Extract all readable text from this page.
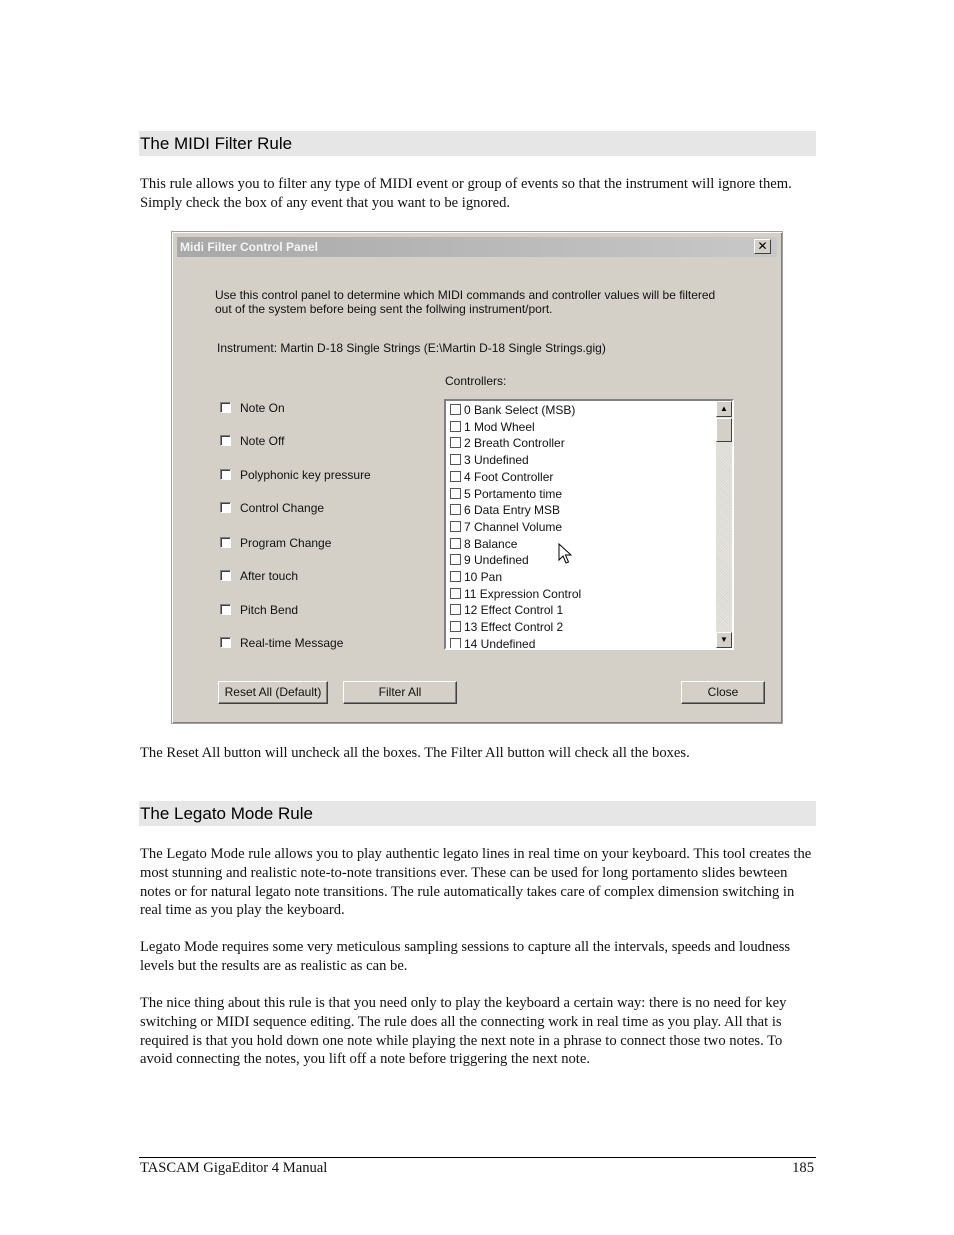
The MIDI Filter Rule

This rule allows you to filter any type of MIDI event or group of events so that the instrument will ignore them. Simply check the box of any event that you want to be ignored.

Midi Filter Control Panel	✕
Use this control panel to determine which MIDI commands and controller values will be filtered
out of the system before being sent the follwing instrument/port.
Instrument: Martin D-18 Single Strings (E:\Martin D-18 Single Strings.gig)
Controllers:
Note On
Note Off
Polyphonic key pressure
Control Change
Program Change
After touch
Pitch Bend
Real-time Message
0 Bank Select (MSB)
1 Mod Wheel
2 Breath Controller
3 Undefined
4 Foot Controller
5 Portamento time
6 Data Entry MSB
7 Channel Volume
8 Balance
9 Undefined
10 Pan
11 Expression Control
12 Effect Control 1
13 Effect Control 2
14 Undefined
▲
▼
Reset All (Default)	Filter All	Close

The Reset All button will uncheck all the boxes. The Filter All button will check all the boxes.

The Legato Mode Rule

The Legato Mode rule allows you to play authentic legato lines in real time on your keyboard. This tool creates the most stunning and realistic note-to-note transitions ever. These can be used for long portamento slides bewteen notes or for natural legato note transitions. The rule automatically takes care of complex dimension switching in real time as you play the keyboard.

Legato Mode requires some very meticulous sampling sessions to capture all the intervals, speeds and loudness levels but the results are as realistic as can be.

The nice thing about this rule is that you need only to play the keyboard a certain way: there is no need for key switching or MIDI sequence editing. The rule does all the connecting work in real time as you play. All that is required is that you hold down one note while playing the next note in a phrase to connect those two notes. To avoid connecting the notes, you lift off a note before triggering the next note.

TASCAM GigaEditor 4 Manual	185
